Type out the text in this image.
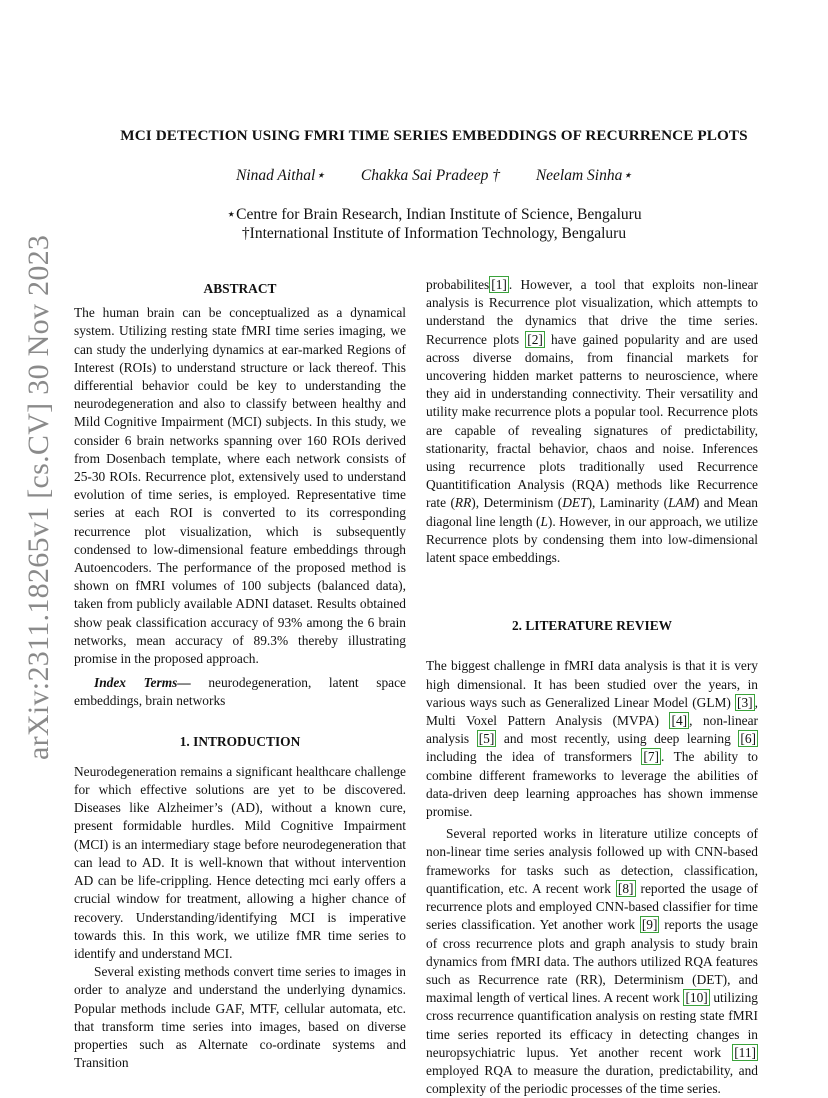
arXiv:2311.18265v1 [cs.CV] 30 Nov 2023
MCI DETECTION USING FMRI TIME SERIES EMBEDDINGS OF RECURRENCE PLOTS
Ninad Aithal⋆ Chakka Sai Pradeep † Neelam Sinha⋆
⋆Centre for Brain Research, Indian Institute of Science, Bengaluru
†International Institute of Information Technology, Bengaluru
ABSTRACT

The human brain can be conceptualized as a dynamical system. Utilizing resting state fMRI time series imaging, we can study the underlying dynamics at ear-marked Regions of Interest (ROIs) to understand structure or lack thereof. This differential behavior could be key to understanding the neurodegeneration and also to classify between healthy and Mild Cognitive Impairment (MCI) subjects. In this study, we consider 6 brain networks spanning over 160 ROIs derived from Dosenbach template, where each network consists of 25-30 ROIs. Recurrence plot, extensively used to understand evolution of time series, is employed. Representative time series at each ROI is converted to its corresponding recurrence plot visualization, which is subsequently condensed to low-dimensional feature embeddings through Autoencoders. The performance of the proposed method is shown on fMRI volumes of 100 subjects (balanced data), taken from publicly available ADNI dataset. Results obtained show peak classification accuracy of 93% among the 6 brain networks, mean accuracy of 89.3% thereby illustrating promise in the proposed approach.

Index Terms— neurodegeneration, latent space embeddings, brain networks

1. INTRODUCTION

Neurodegeneration remains a significant healthcare challenge for which effective solutions are yet to be discovered. Diseases like Alzheimer’s (AD), without a known cure, present formidable hurdles. Mild Cognitive Impairment (MCI) is an intermediary stage before neurodegeneration that can lead to AD. It is well-known that without intervention AD can be life-crippling. Hence detecting mci early offers a crucial window for treatment, allowing a higher chance of recovery. Understanding/identifying MCI is imperative towards this. In this work, we utilize fMR time series to identify and understand MCI.

Several existing methods convert time series to images in order to analyze and understand the underlying dynamics. Popular methods include GAF, MTF, cellular automata, etc. that transform time series into images, based on diverse properties such as Alternate co-ordinate systems and Transition

probabilites [1] . However, a tool that exploits non-linear analysis is Recurrence plot visualization, which attempts to understand the dynamics that drive the time series. Recurrence plots [2] have gained popularity and are used across diverse domains, from financial markets for uncovering hidden market patterns to neuroscience, where they aid in understanding connectivity. Their versatility and utility make recurrence plots a popular tool. Recurrence plots are capable of revealing signatures of predictability, stationarity, fractal behavior, chaos and noise. Inferences using recurrence plots traditionally used Recurrence Quantitification Analysis (RQA) methods like Recurrence rate (RR), Determinism (DET), Laminarity (LAM) and Mean diagonal line length (L). However, in our approach, we utilize Recurrence plots by condensing them into low-dimensional latent space embeddings.

2. LITERATURE REVIEW

The biggest challenge in fMRI data analysis is that it is very high dimensional. It has been studied over the years, in various ways such as Generalized Linear Model (GLM) [3] , Multi Voxel Pattern Analysis (MVPA) [4] , non-linear analysis [5] and most recently, using deep learning [6] including the idea of transformers [7] . The ability to combine different frameworks to leverage the abilities of data-driven deep learning approaches has shown immense promise.

Several reported works in literature utilize concepts of non-linear time series analysis followed up with CNN-based frameworks for tasks such as detection, classification, quantification, etc. A recent work [8] reported the usage of recurrence plots and employed CNN-based classifier for time series classification. Yet another work [9] reports the usage of cross recurrence plots and graph analysis to study brain dynamics from fMRI data. The authors utilized RQA features such as Recurrence rate (RR), Determinism (DET), and maximal length of vertical lines. A recent work [10] utilizing cross recurrence quantification analysis on resting state fMRI time series reported its efficacy in detecting changes in neuropsychiatric lupus. Yet another recent work [11] employed RQA to measure the duration, predictability, and complexity of the periodic processes of the time series.
